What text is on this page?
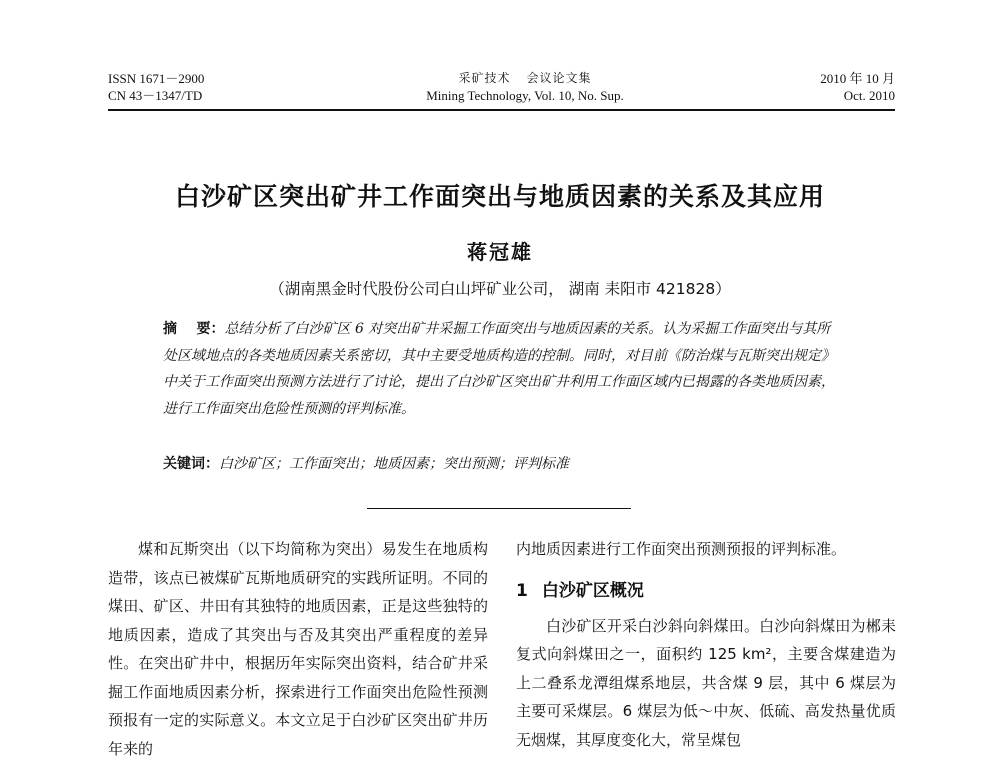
ISSN 1671－2900
CN 43－1347/TD
采矿技术    会议论文集
Mining Technology, Vol. 10, No. Sup.
2010 年 10 月
Oct. 2010
白沙矿区突出矿井工作面突出与地质因素的关系及其应用
蒋冠雄
（湖南黑金时代股份公司白山坪矿业公司， 湖南 耒阳市 421828）
摘    要：总结分析了白沙矿区 6 对突出矿井采掘工作面突出与地质因素的关系。认为采掘工作面突出与其所处区域地点的各类地质因素关系密切，其中主要受地质构造的控制。同时，对目前《防治煤与瓦斯突出规定》中关于工作面突出预测方法进行了讨论，提出了白沙矿区突出矿井利用工作面区域内已揭露的各类地质因素，进行工作面突出危险性预测的评判标准。
关键词：白沙矿区；工作面突出；地质因素；突出预测；评判标准

煤和瓦斯突出（以下均简称为突出）易发生在地质构造带，该点已被煤矿瓦斯地质研究的实践所证明。不同的煤田、矿区、井田有其独特的地质因素，正是这些独特的地质因素，造成了其突出与否及其突出严重程度的差异性。在突出矿井中，根据历年实际突出资料，结合矿井采掘工作面地质因素分析，探索进行工作面突出危险性预测预报有一定的实际意义。本文立足于白沙矿区突出矿井历年来的

内地质因素进行工作面突出预测预报的评判标准。

1 白沙矿区概况

白沙矿区开采白沙斜向斜煤田。白沙向斜煤田为郴耒复式向斜煤田之一，面积约 125 km²，主要含煤建造为上二叠系龙潭组煤系地层，共含煤 9 层，其中 6 煤层为主要可采煤层。6 煤层为低～中灰、低硫、高发热量优质无烟煤，其厚度变化大，常呈煤包
